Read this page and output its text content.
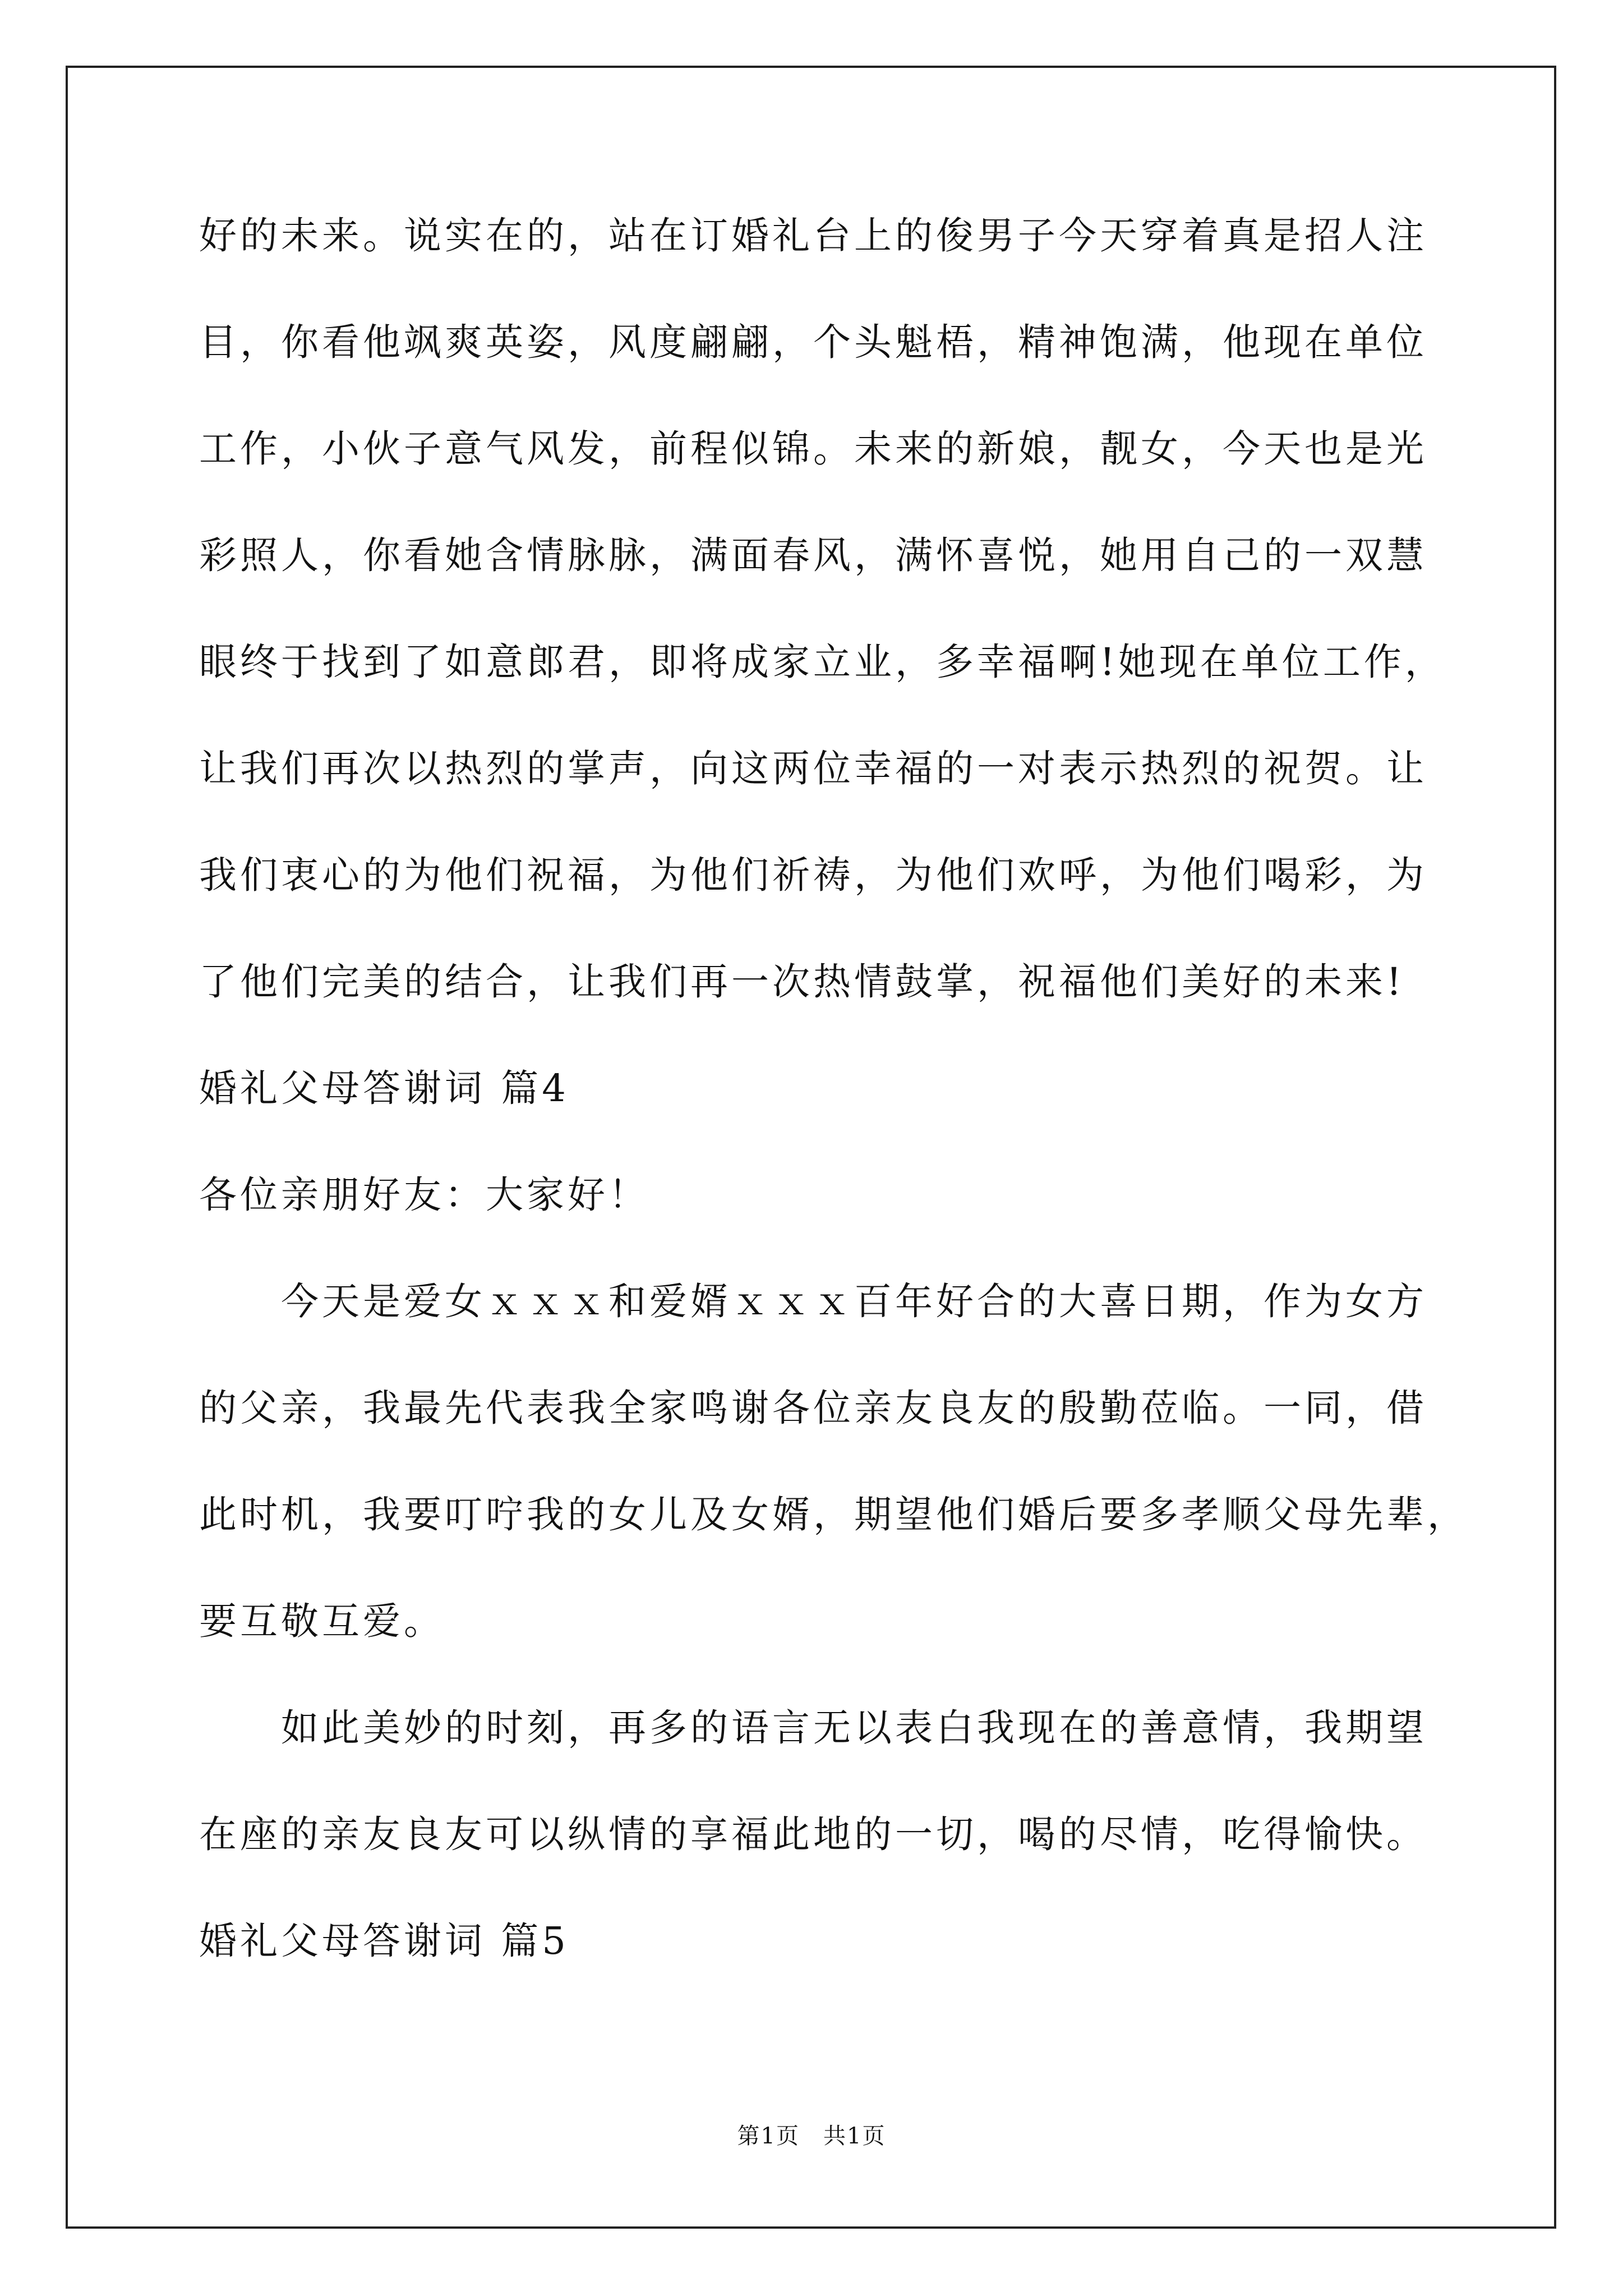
好的未来。说实在的，站在订婚礼台上的俊男子今天穿着真是招人注
目，你看他飒爽英姿，风度翩翩，个头魁梧，精神饱满，他现在单位
工作，小伙子意气风发，前程似锦。未来的新娘，靓女，今天也是光
彩照人，你看她含情脉脉，满面春风，满怀喜悦，她用自己的一双慧
眼终于找到了如意郎君，即将成家立业，多幸福啊!她现在单位工作，
让我们再次以热烈的掌声，向这两位幸福的一对表示热烈的祝贺。让
我们衷心的为他们祝福，为他们祈祷，为他们欢呼，为他们喝彩，为
了他们完美的结合，让我们再一次热情鼓掌，祝福他们美好的未来!
婚礼父母答谢词 篇4
各位亲朋好友：大家好！
　　今天是爱女ｘｘｘ和爱婿ｘｘｘ百年好合的大喜日期，作为女方
的父亲，我最先代表我全家鸣谢各位亲友良友的殷勤莅临。一同，借
此时机，我要叮咛我的女儿及女婿，期望他们婚后要多孝顺父母先辈，
要互敬互爱。
　　如此美妙的时刻，再多的语言无以表白我现在的善意情，我期望
在座的亲友良友可以纵情的享福此地的一切，喝的尽情，吃得愉快。
婚礼父母答谢词 篇5
第1页　共1页
